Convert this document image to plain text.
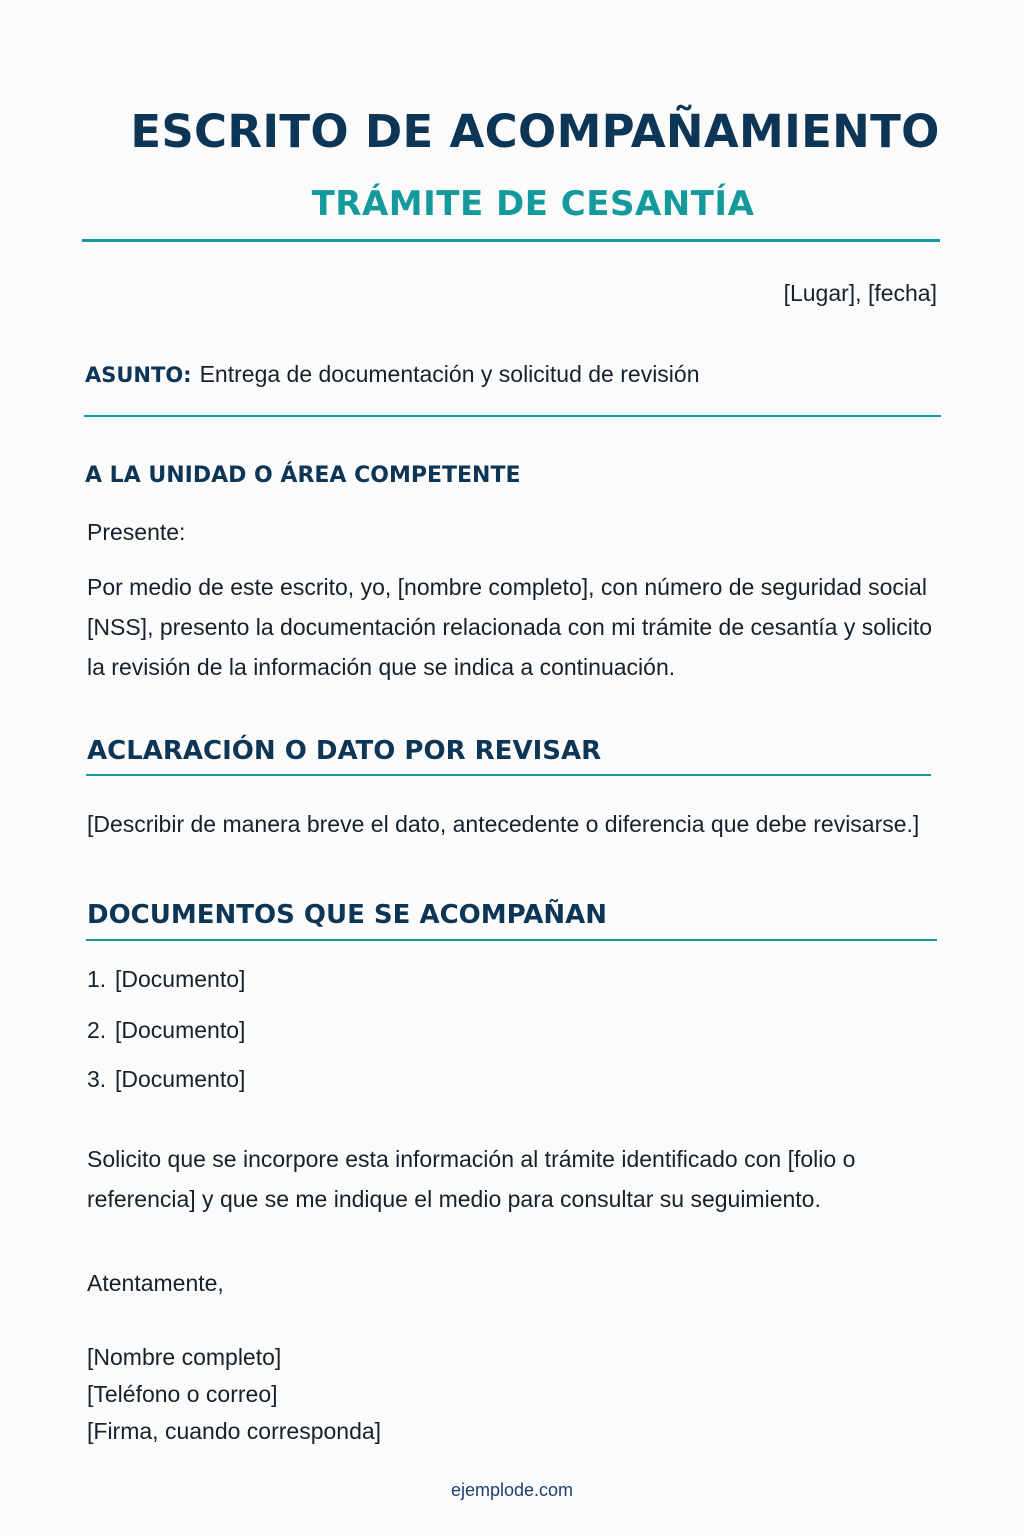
ESCRITO DE ACOMPAÑAMIENTO
TRÁMITE DE CESANTÍA
[Lugar], [fecha]
ASUNTO: Entrega de documentación y solicitud de revisión
A LA UNIDAD O ÁREA COMPETENTE
Presente:

Por medio de este escrito, yo, [nombre completo], con número de seguridad social [NSS], presento la documentación relacionada con mi trámite de cesantía y solicito la revisión de la información que se indica a continuación.

ACLARACIÓN O DATO POR REVISAR
[Describir de manera breve el dato, antecedente o diferencia que debe revisarse.]
DOCUMENTOS QUE SE ACOMPAÑAN
1. [Documento]
2. [Documento]
3. [Documento]

Solicito que se incorpore esta información al trámite identificado con [folio o referencia] y que se me indique el medio para consultar su seguimiento.

Atentamente,
[Nombre completo]
[Teléfono o correo]
[Firma, cuando corresponda]
ejemplode.com
